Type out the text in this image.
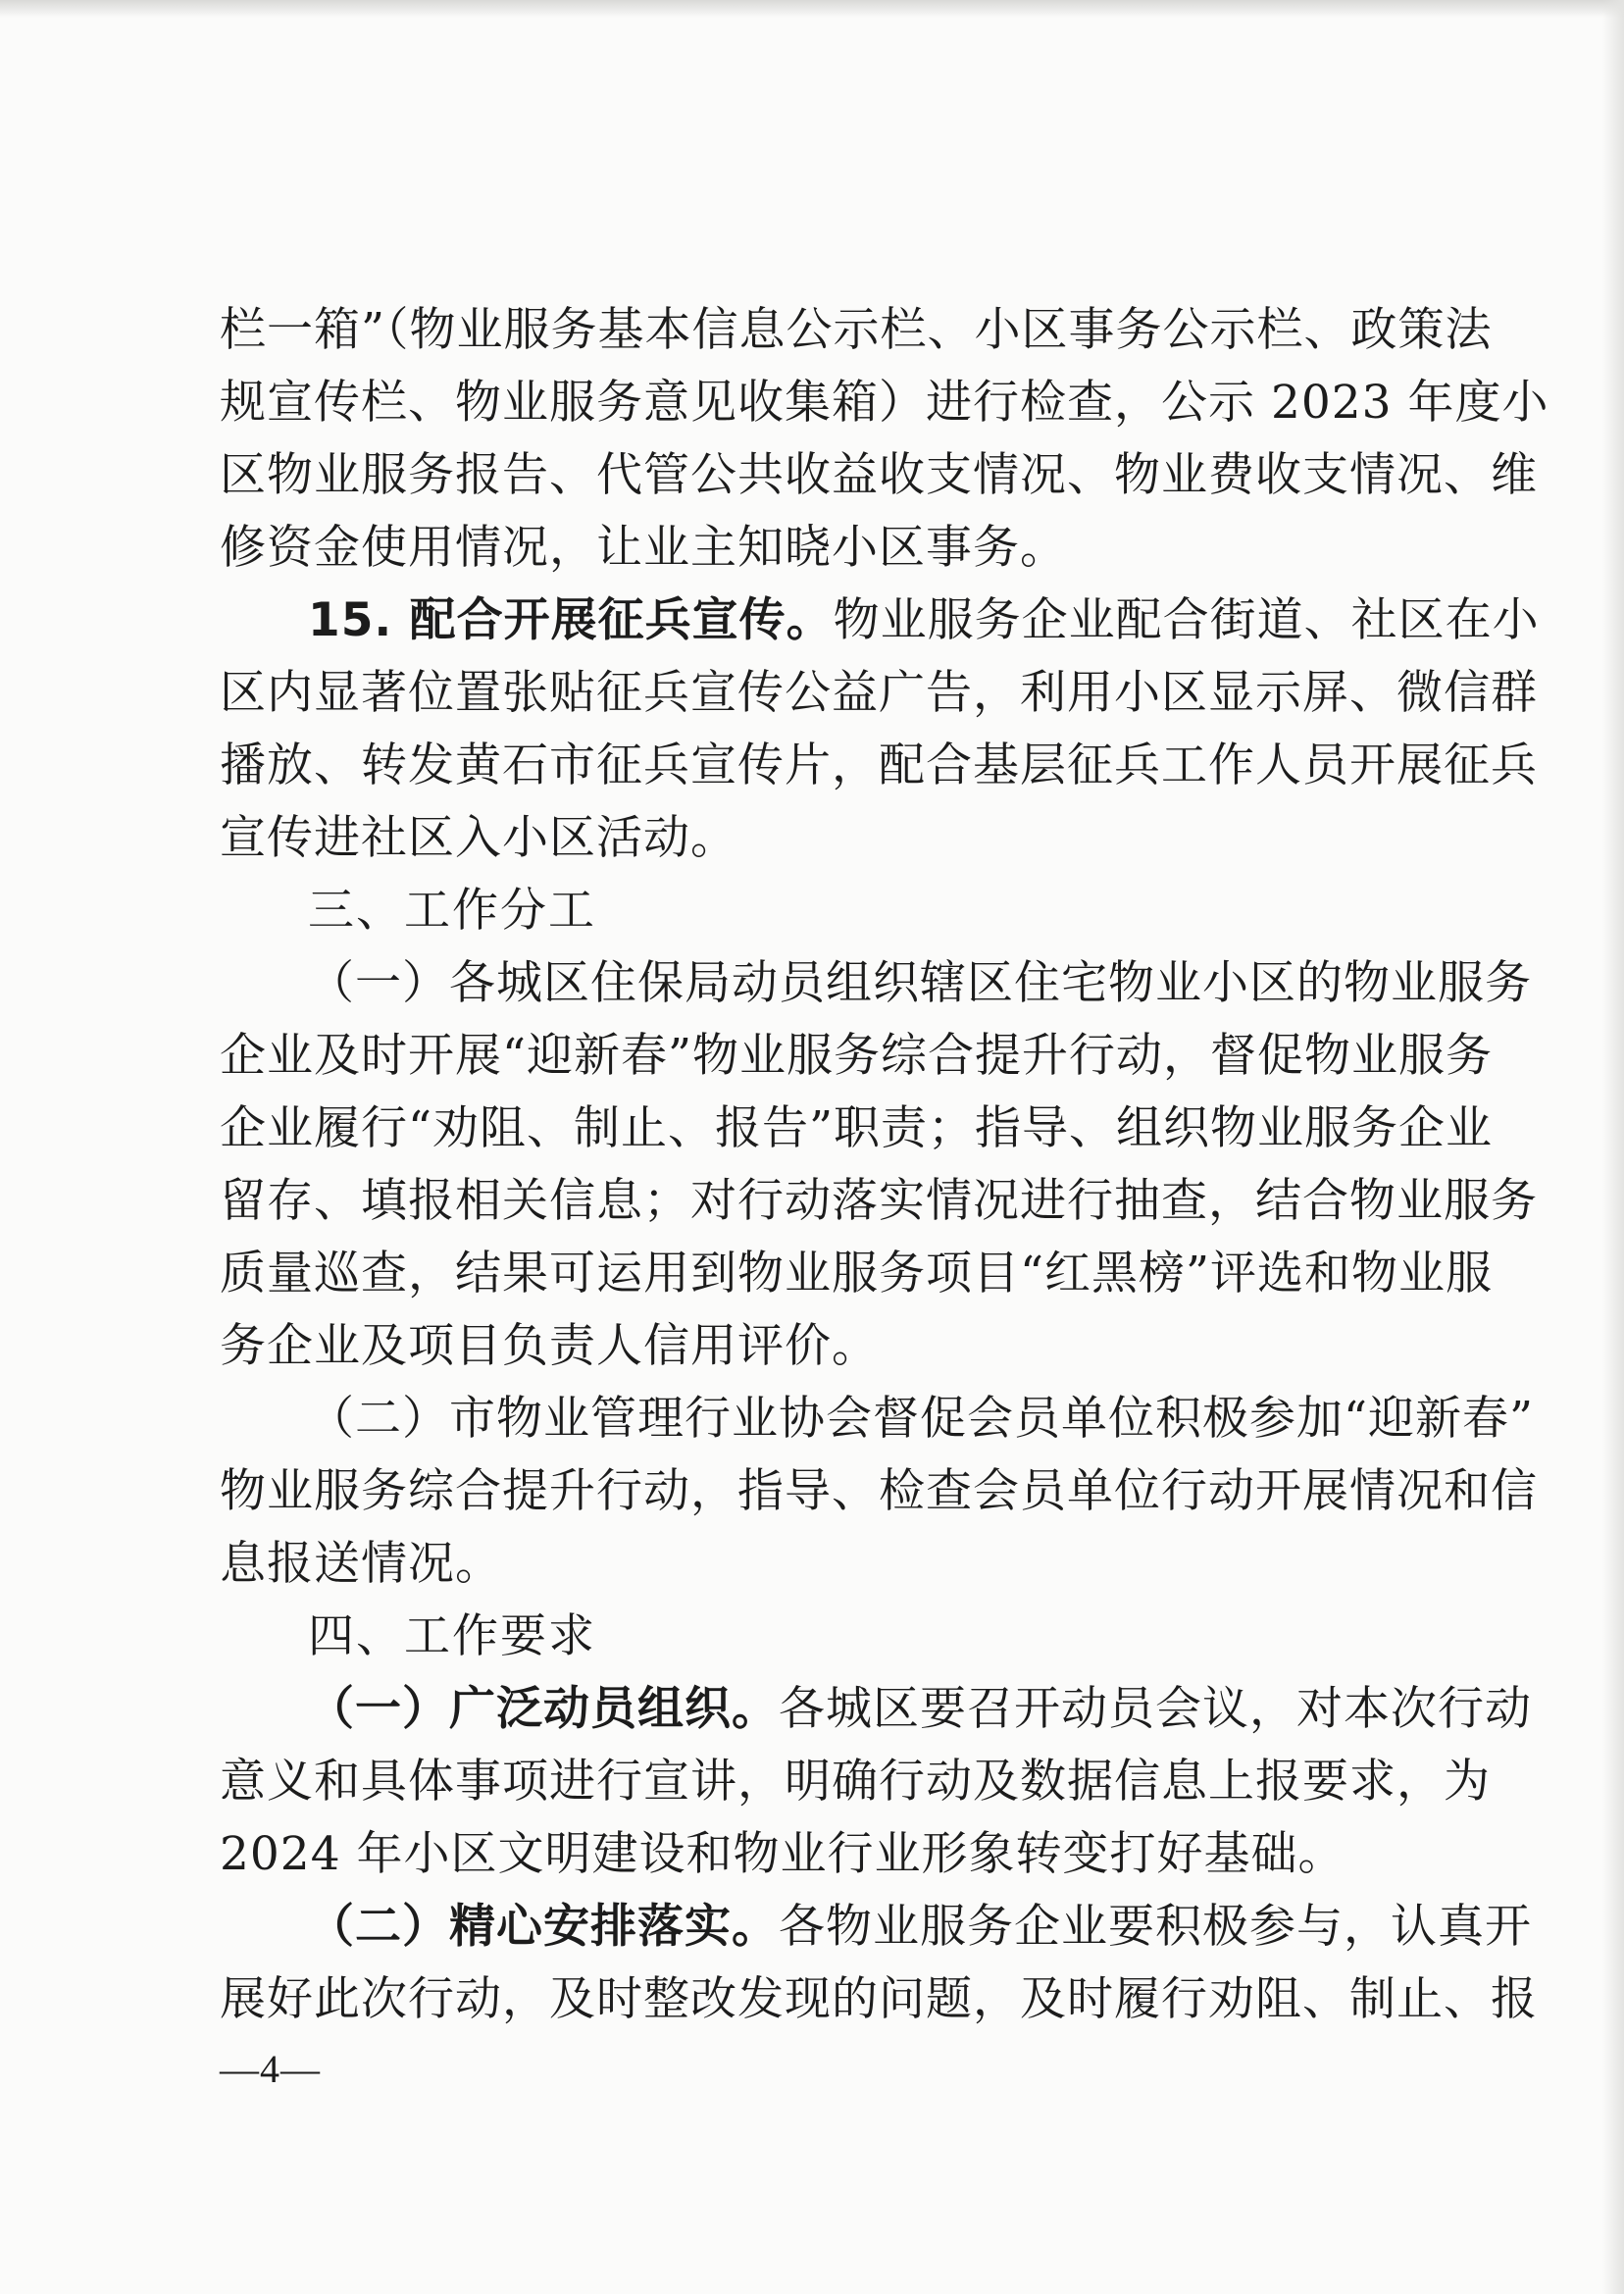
栏一箱”（物业服务基本信息公示栏、小区事务公示栏、政策法
规宣传栏、物业服务意见收集箱）进行检查，公示 2023 年度小
区物业服务报告、代管公共收益收支情况、物业费收支情况、维
修资金使用情况，让业主知晓小区事务。
15. 配合开展征兵宣传。物业服务企业配合街道、社区在小
区内显著位置张贴征兵宣传公益广告，利用小区显示屏、微信群
播放、转发黄石市征兵宣传片，配合基层征兵工作人员开展征兵
宣传进社区入小区活动。
三、工作分工
（一）各城区住保局动员组织辖区住宅物业小区的物业服务
企业及时开展“迎新春”物业服务综合提升行动，督促物业服务
企业履行“劝阻、制止、报告”职责；指导、组织物业服务企业
留存、填报相关信息；对行动落实情况进行抽查，结合物业服务
质量巡查，结果可运用到物业服务项目“红黑榜”评选和物业服
务企业及项目负责人信用评价。
（二）市物业管理行业协会督促会员单位积极参加“迎新春”
物业服务综合提升行动，指导、检查会员单位行动开展情况和信
息报送情况。
四、工作要求
（一）广泛动员组织。各城区要召开动员会议，对本次行动
意义和具体事项进行宣讲，明确行动及数据信息上报要求，为
2024 年小区文明建设和物业行业形象转变打好基础。
（二）精心安排落实。各物业服务企业要积极参与，认真开
展好此次行动，及时整改发现的问题，及时履行劝阻、制止、报
—4—
